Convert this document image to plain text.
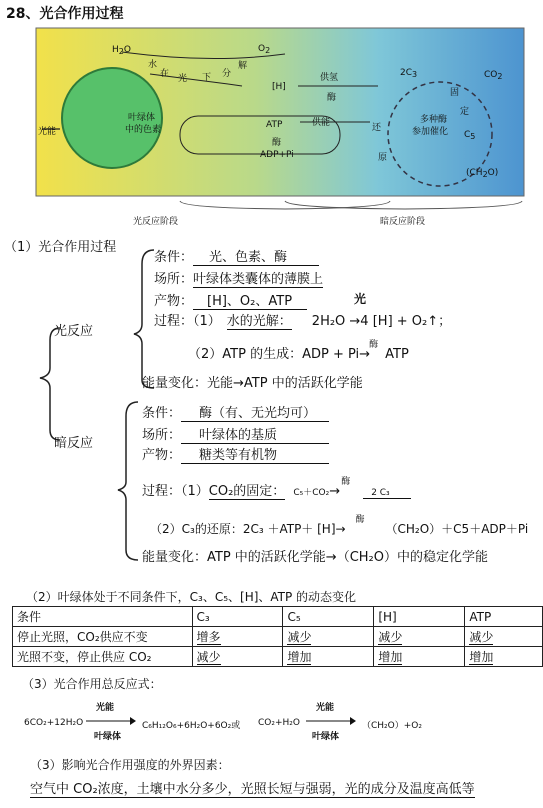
28、光合作用过程
H2O
水
在 光 下 分
解
O2
[H]
叶绿体
中的色素
光能
ATP
酶
ADP+Pi
供氢
酶
供能
2C3	CO2
固
定
C5
还
原
(CH2O)
多种酶
参加催化
光反应阶段	暗反应阶段
（1）光合作用过程
光反应
暗反应
条件： 光、色素、酶
场所：叶绿体类囊体的薄膜上
产物： [H]、O₂、ATP	光
过程：（1） 水的光解： 2H₂O →4 [H] + O₂↑；
（2）ATP 的生成：ADP + Pi
酶
→ ATP
能量变化：光能→ATP 中的活跃化学能
条件： 酶（有、无光均可）
场所： 叶绿体的基质
产物： 糖类等有机物
过程：（1）CO₂的固定： C₅＋CO₂
酶
→	2 C₃
（2）C₃的还原：2C₃ ＋ATP＋ [H]
酶
→	（CH₂O）＋C5＋ADP＋Pi
能量变化：ATP 中的活跃化学能→（CH₂O）中的稳定化学能
（2）叶绿体处于不同条件下，C₃、C₅、[H]、ATP 的动态变化
条件	C₃	C₅	[H]	ATP
停止光照，CO₂供应不变	增多	减少	减少	减少
光照不变，停止供应 CO₂	减少	增加	增加	增加
（3）光合作用总反应式：
6CO₂+12H₂O
光能
叶绿体
C₆H₁₂O₆+6H₂O+6O₂或 CO₂+H₂O
光能
叶绿体
（CH₂O）+O₂
（3）影响光合作用强度的外界因素：
空气中 CO₂浓度，土壤中水分多少，光照长短与强弱，光的成分及温度高低等
